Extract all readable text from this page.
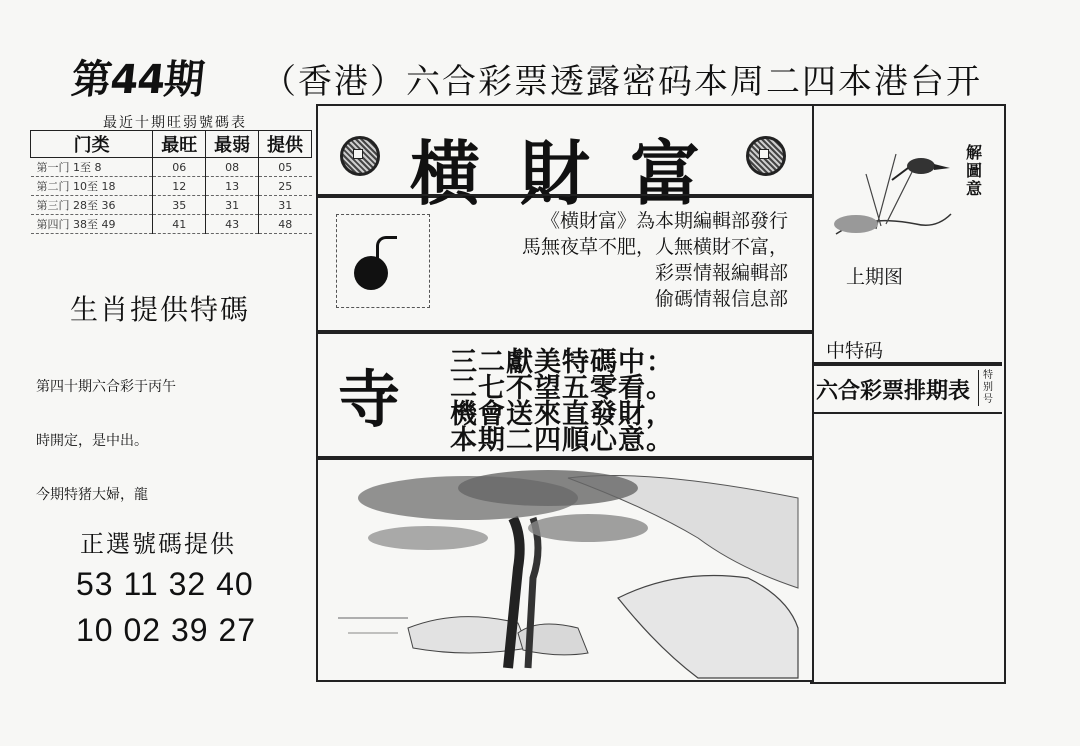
第44期 （香港）六合彩票透露密码本周二四本港台开
最近十期旺弱號碼表
门类	最旺	最弱	提供
第一门 1至 8	06	08	05
第二门 10至 18	12	13	25
第三门 28至 36	35	31	31
第四门 38至 49	41	43	48
生肖提供特碼

第四十期六合彩于丙午

時開定，是中出。

今期特猪大婦，龍

正選號碼提供
53 11 32 40
10 02 39 27
横財富
《横財富》為本期編輯部發行
馬無夜草不肥，人無横財不富，
彩票情報編輯部
偷碼情報信息部
寺
三二獻美特碼中：
二七不望五零看。
機會送來直發財，
本期二四順心意。
解圖意
上期图
中特码
六合彩票排期表
特别号
